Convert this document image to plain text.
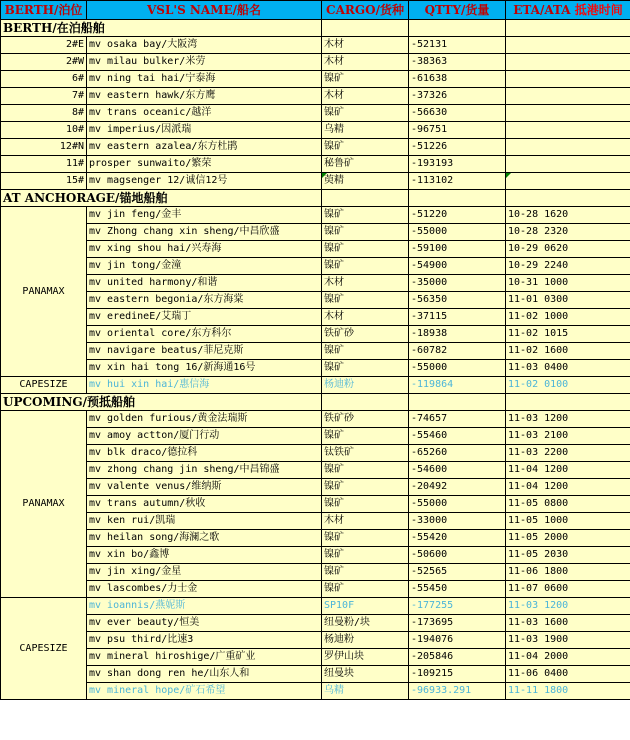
BERTH/泊位	VSL'S NAME/船名	CARGO/货种	QTTY/货量	ETA/ATA 抵港时间
BERTH/在泊船舶				
2#E	mv osaka bay/大阪湾	木材	-52131	
2#W	mv milau bulker/米劳	木材	-38363	
6#	mv ning tai hai/宁泰海	镍矿	-61638	
7#	mv eastern hawk/东方鹰	木材	-37326	
8#	mv trans oceanic/越洋	镍矿	-56630	
10#	mv imperius/因派瑞	乌精	-96751	
12#N	mv eastern azalea/东方杜鹃	镍矿	-51226	
11#	prosper sunwaito/繁荣	秘鲁矿	-193193	
15#	mv magsenger 12/诚信12号	萸精	-113102	
AT ANCHORAGE/锚地船舶				
PANAMAX	mv jin feng/金丰	镍矿	-51220	10-28 1620
	mv Zhong chang xin sheng/中昌欣盛	镍矿	-55000	10-28 2320
	mv xing shou hai/兴寿海	镍矿	-59100	10-29 0620
	mv jin tong/金潼	镍矿	-54900	10-29 2240
	mv united harmony/和谐	木材	-35000	10-31 1000
	mv eastern begonia/东方海棠	镍矿	-56350	11-01 0300
	mv eredineE/艾瑞丁	木材	-37115	11-02 1000
	mv oriental core/东方科尔	铁矿砂	-18938	11-02 1015
	mv navigare beatus/菲尼克斯	镍矿	-60782	11-02 1600
	mv xin hai tong 16/新海通16号	镍矿	-55000	11-03 0400
CAPESIZE	mv hui xin hai/惠信海	杨迪粉	-119864	11-02 0100
UPCOMING/预抵船舶				
PANAMAX	mv golden furious/黄金法瑞斯	铁矿砂	-74657	11-03 1200
	mv amoy actton/厦门行动	镍矿	-55460	11-03 2100
	mv blk draco/德拉科	钛铁矿	-65260	11-03 2200
	mv zhong chang jin sheng/中昌锦盛	镍矿	-54600	11-04 1200
	mv valente venus/维纳斯	镍矿	-20492	11-04 1200
	mv trans autumn/秋收	镍矿	-55000	11-05 0800
	mv ken rui/凯瑞	木材	-33000	11-05 1000
	mv heilan song/海澜之歌	镍矿	-55420	11-05 2000
	mv xin bo/鑫博	镍矿	-50600	11-05 2030
	mv jin xing/金星	镍矿	-52565	11-06 1800
	mv lascombes/力士金	镍矿	-55450	11-07 0600
CAPESIZE	mv ioannis/燕妮斯	SP10F	-177255	11-03 1200
	mv ever beauty/恒美	纽曼粉/块	-173695	11-03 1600
	mv psu third/比速3	杨迪粉	-194076	11-03 1900
	mv mineral hiroshige/广重矿业	罗伊山块	-205846	11-04 2000
	mv shan dong ren he/山东人和	纽曼块	-109215	11-06 0400
	mv mineral hope/矿石希望	乌精	-96933.291	11-11 1800
